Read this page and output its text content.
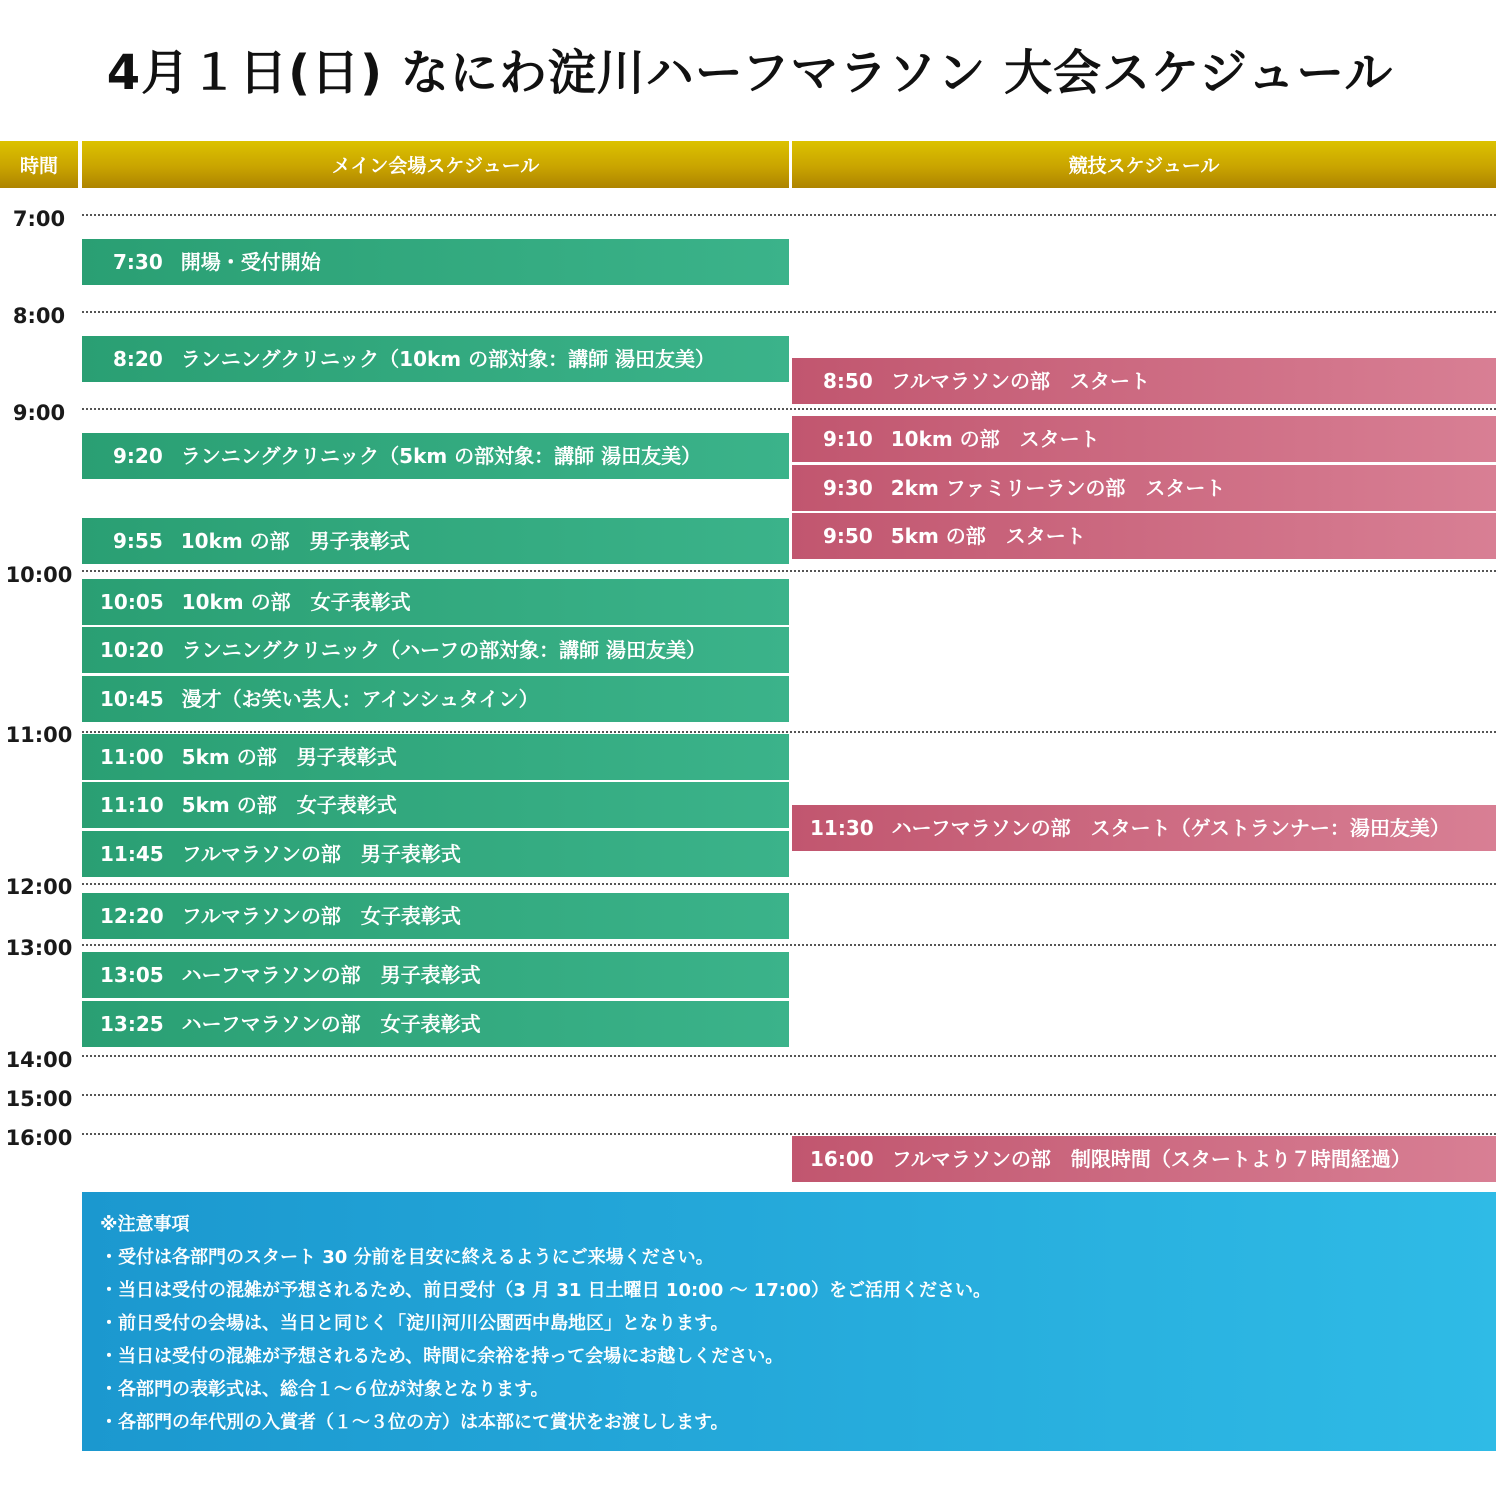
4月１日(日) なにわ淀川ハーフマラソン 大会スケジュール
時間	メイン会場スケジュール	競技スケジュール
7:00
8:00
9:00
10:00
11:00
12:00
13:00
14:00
15:00
16:00
7:30 開場・受付開始
8:20 ランニングクリニック（10km の部対象：講師 湯田友美）
9:20 ランニングクリニック（5km の部対象：講師 湯田友美）
9:55 10km の部　男子表彰式
10:05 10km の部　女子表彰式
10:20 ランニングクリニック（ハーフの部対象：講師 湯田友美）
10:45 漫才（お笑い芸人：アインシュタイン）
11:00 5km の部　男子表彰式
11:10 5km の部　女子表彰式
11:45 フルマラソンの部　男子表彰式
12:20 フルマラソンの部　女子表彰式
13:05 ハーフマラソンの部　男子表彰式
13:25 ハーフマラソンの部　女子表彰式
8:50 フルマラソンの部　スタート
9:10 10km の部　スタート
9:30 2km ファミリーランの部　スタート
9:50 5km の部　スタート
11:30 ハーフマラソンの部　スタート（ゲストランナー：湯田友美）
16:00 フルマラソンの部　制限時間（スタートより７時間経過）
※注意事項
・受付は各部門のスタート 30 分前を目安に終えるようにご来場ください。
・当日は受付の混雑が予想されるため、前日受付（3 月 31 日土曜日 10:00 ～ 17:00）をご活用ください。
・前日受付の会場は、当日と同じく「淀川河川公園西中島地区」となります。
・当日は受付の混雑が予想されるため、時間に余裕を持って会場にお越しください。
・各部門の表彰式は、総合１～６位が対象となります。
・各部門の年代別の入賞者（１～３位の方）は本部にて賞状をお渡しします。
